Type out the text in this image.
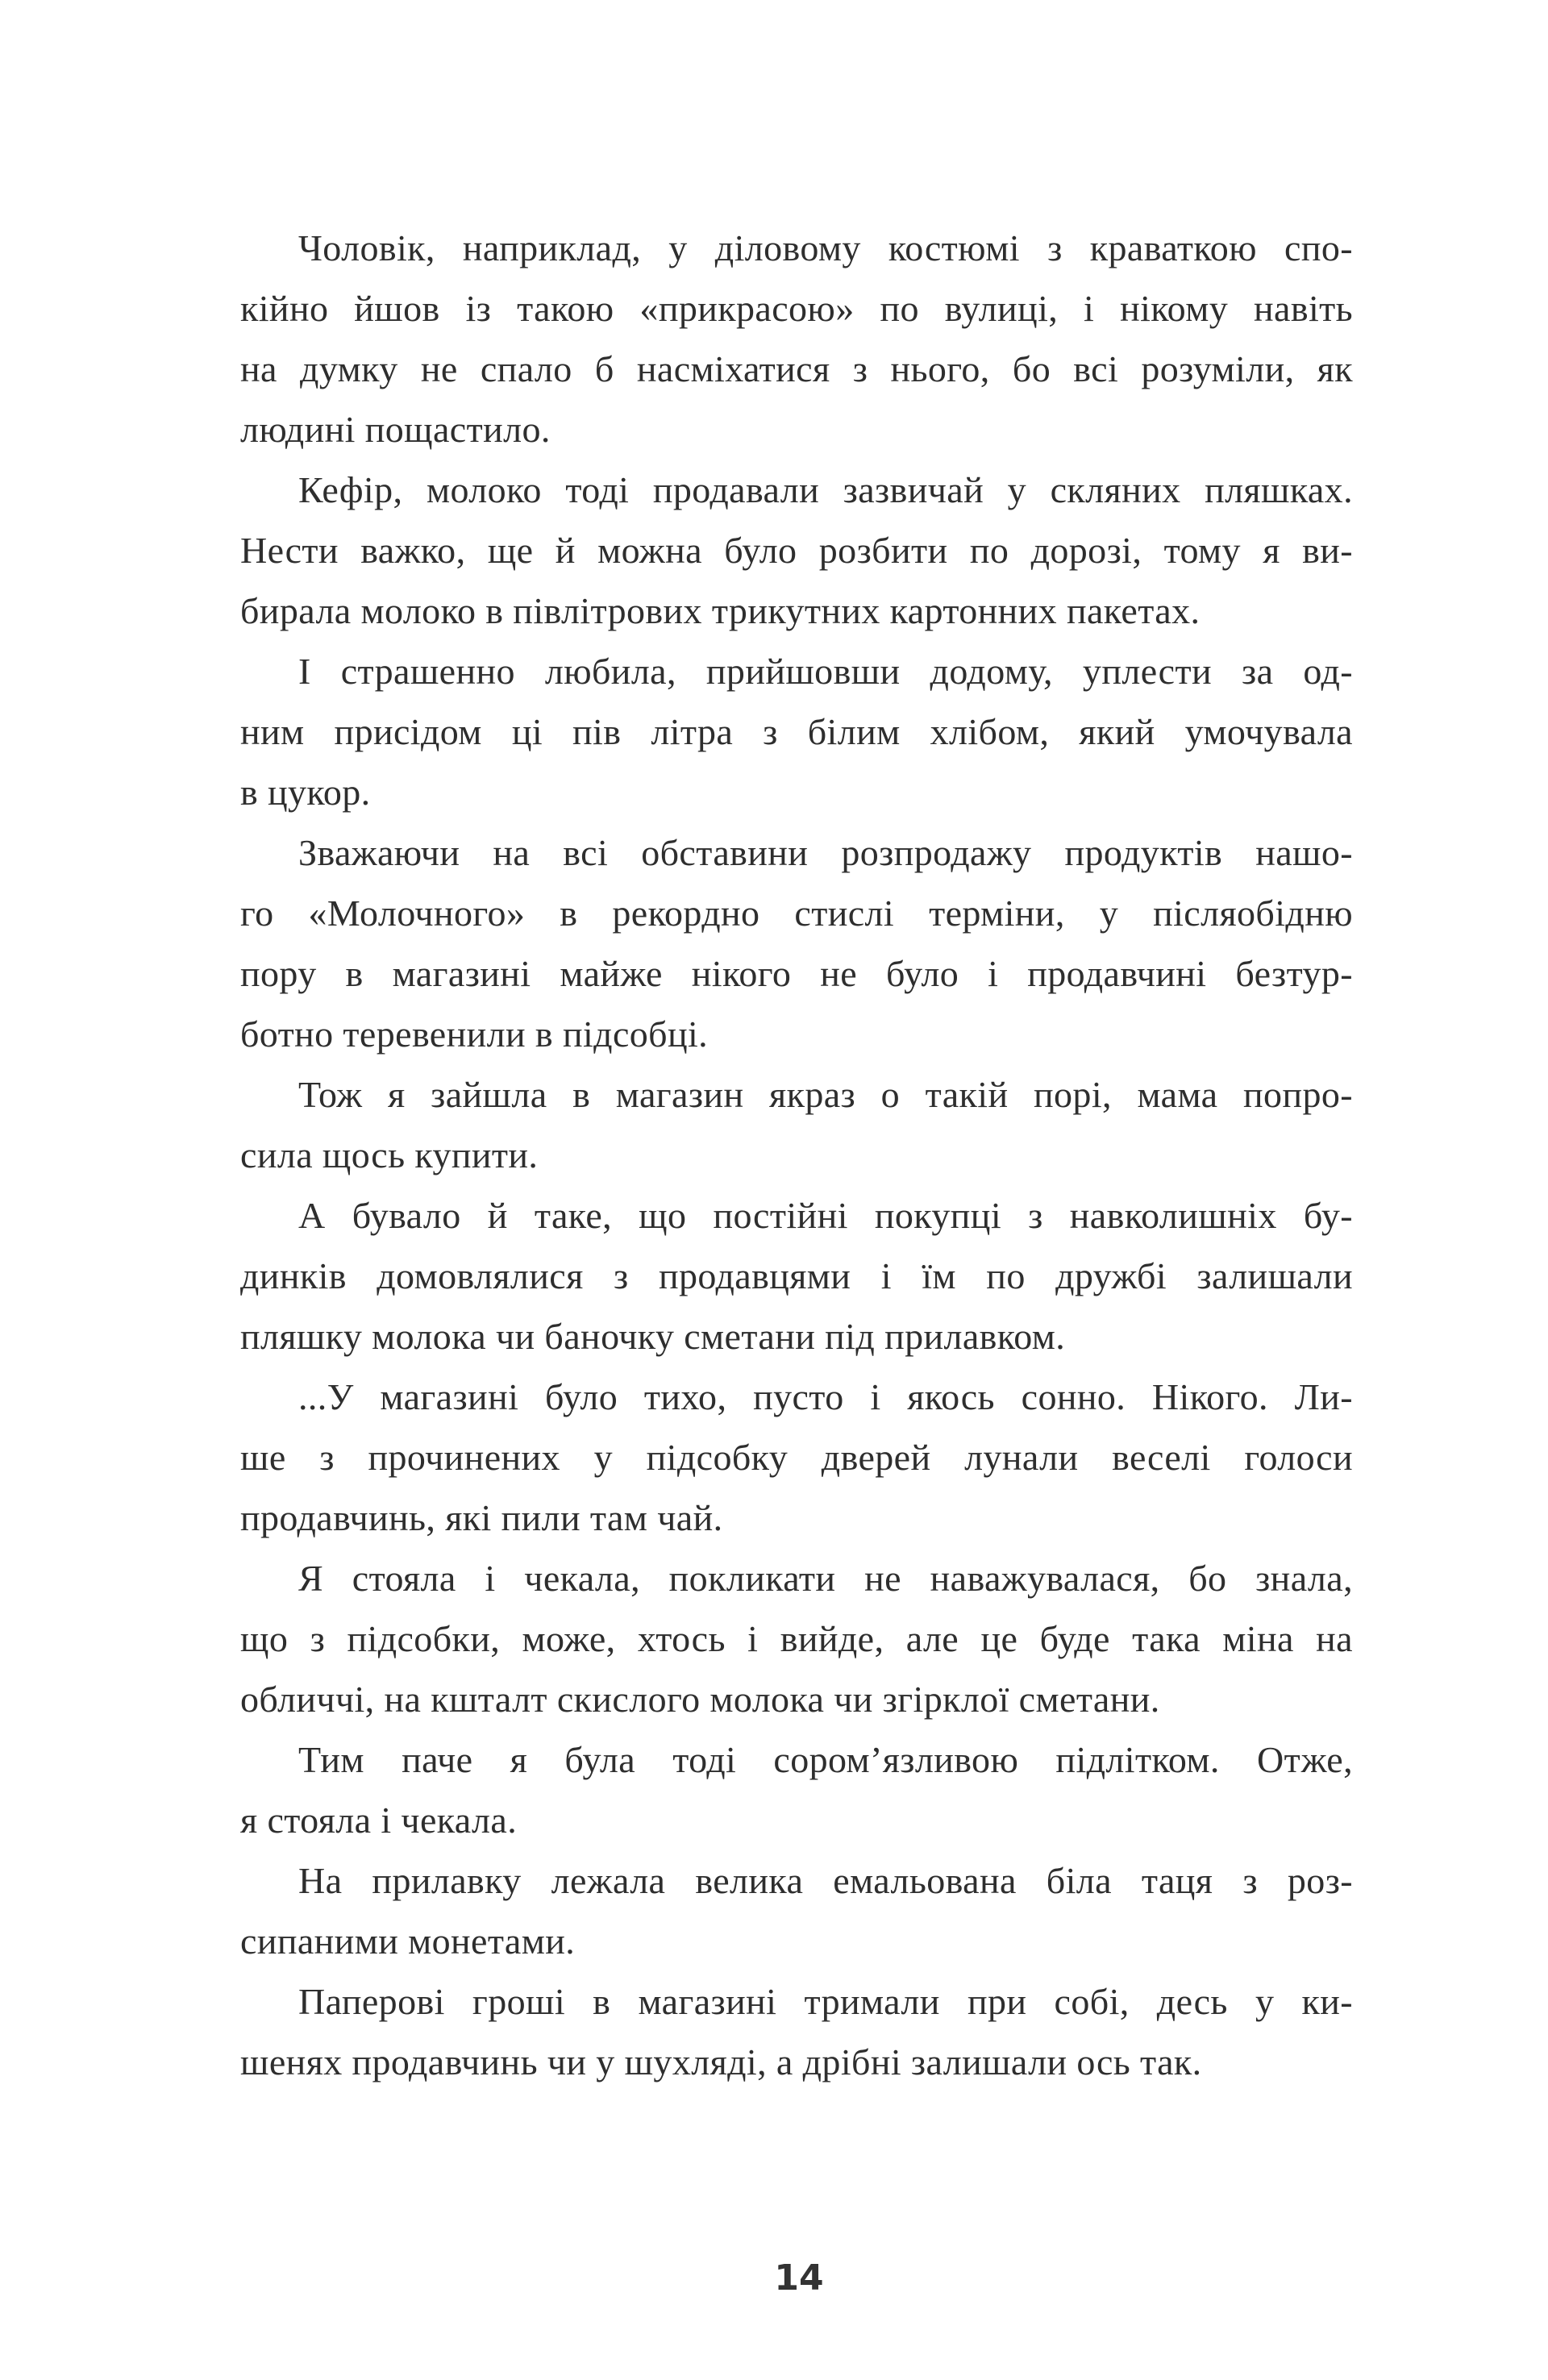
Чоловік, наприклад, у діловому костюмі з краваткою спо-
кійно йшов із такою «прикрасою» по вулиці, і нікому навіть
на думку не спало б насміхатися з нього, бо всі розуміли, як
людині пощастило.
Кефір, молоко тоді продавали зазвичай у скляних пляшках.
Нести важко, ще й можна було розбити по дорозі, тому я ви-
бирала молоко в півлітрових трикутних картонних пакетах.
І страшенно любила, прийшовши додому, уплести за од-
ним присідом ці пів літра з білим хлібом, який умочувала
в цукор.
Зважаючи на всі обставини розпродажу продуктів нашо-
го «Молочного» в рекордно стислі терміни, у післяобідню
пору в магазині майже нікого не було і продавчині безтур-
ботно теревенили в підсобці.
Тож я зайшла в магазин якраз о такій порі, мама попро-
сила щось купити.
А бувало й таке, що постійні покупці з навколишніх бу-
динків домовлялися з продавцями і їм по дружбі залишали
пляшку молока чи баночку сметани під прилавком.
...У магазині було тихо, пусто і якось сонно. Нікого. Ли-
ше з прочинених у підсобку дверей лунали веселі голоси
продавчинь, які пили там чай.
Я стояла і чекала, покликати не наважувалася, бо знала,
що з підсобки, може, хтось і вийде, але це буде така міна на
обличчі, на кшталт скислого молока чи згірклої сметани.
Тим паче я була тоді сором’язливою підлітком. Отже,
я стояла і чекала.
На прилавку лежала велика емальована біла таця з роз-
сипаними монетами.
Паперові гроші в магазині тримали при собі, десь у ки-
шенях продавчинь чи у шухляді, а дрібні залишали ось так.
14
